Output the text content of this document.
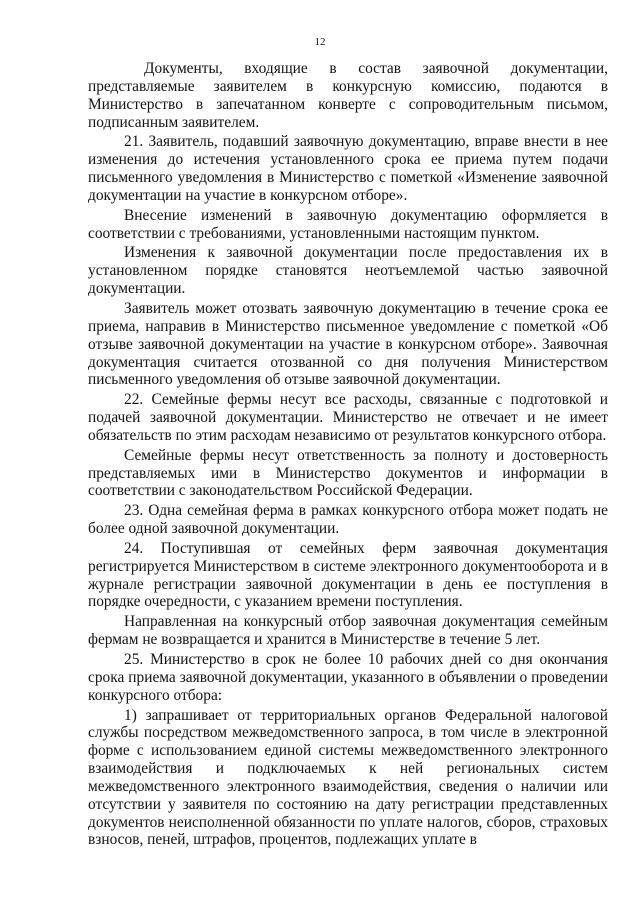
12

Документы, входящие в состав заявочной документации, представляемые заявителем в конкурсную комиссию, подаются в Министерство в запечатанном конверте с сопроводительным письмом, подписанным заявителем.

21. Заявитель, подавший заявочную документацию, вправе внести в нее изменения до истечения установленного срока ее приема путем подачи письменного уведомления в Министерство с пометкой «Изменение заявочной документации на участие в конкурсном отборе».

Внесение изменений в заявочную документацию оформляется в соответствии с требованиями, установленными настоящим пунктом.

Изменения к заявочной документации после предоставления их в установленном порядке становятся неотъемлемой частью заявочной документации.

Заявитель может отозвать заявочную документацию в течение срока ее приема, направив в Министерство письменное уведомление с пометкой «Об отзыве заявочной документации на участие в конкурсном отборе». Заявочная документация считается отозванной со дня получения Министерством письменного уведомления об отзыве заявочной документации.

22. Семейные фермы несут все расходы, связанные с подготовкой и подачей заявочной документации. Министерство не отвечает и не имеет обязательств по этим расходам независимо от результатов конкурсного отбора.

Семейные фермы несут ответственность за полноту и достоверность представляемых ими в Министерство документов и информации в соответствии с законодательством Российской Федерации.

23. Одна семейная ферма в рамках конкурсного отбора может подать не более одной заявочной документации.

24. Поступившая от семейных ферм заявочная документация регистрируется Министерством в системе электронного документооборота и в журнале регистрации заявочной документации в день ее поступления в порядке очередности, с указанием времени поступления.

Направленная на конкурсный отбор заявочная документация семейным фермам не возвращается и хранится в Министерстве в течение 5 лет.

25. Министерство в срок не более 10 рабочих дней со дня окончания срока приема заявочной документации, указанного в объявлении о проведении конкурсного отбора:

1) запрашивает от территориальных органов Федеральной налоговой службы посредством межведомственного запроса, в том числе в электронной форме с использованием единой системы межведомственного электронного взаимодействия и подключаемых к ней региональных систем межведомственного электронного взаимодействия, сведения о наличии или отсутствии у заявителя по состоянию на дату регистрации представленных документов неисполненной обязанности по уплате налогов, сборов, страховых взносов, пеней, штрафов, процентов, подлежащих уплате в
